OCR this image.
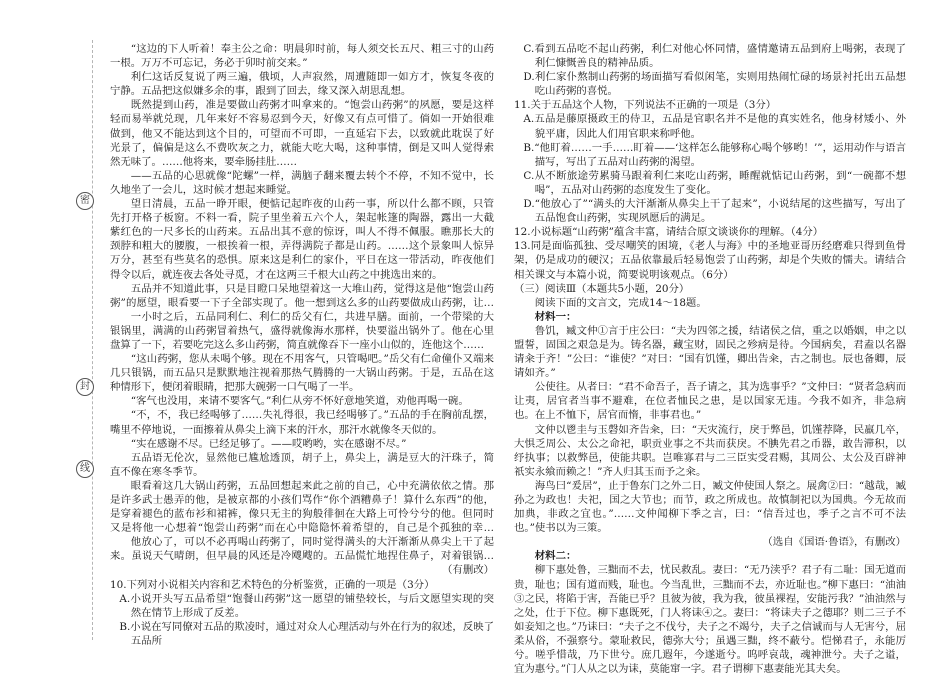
密
封
线

“这边的下人听着！奉主公之命：明晨卯时前，每人须交长五尺、粗三寸的山药一根。万万不可忘记，务必于卯时前交来。”

利仁这话反复说了两三遍，俄顷，人声寂然，周遭随即一如方才，恢复冬夜的宁静。五品把这似嫌多余的事，跟到了回去，缘又深入胡思乱想。

既然提到山药，准是要做山药粥才叫拿来的。“饱尝山药粥”的夙愿，要是这样轻而易举就兑现，几年来好不容易忍到今天，好像又有点可惜了。倘如一开始很难做到，他又不能达到这个目的，可望而不可即，一直延宕下去，以致就此耽误了好光景了，偏偏是这么不费吹灰之力，就能大吃大喝，这种事情，倒是又叫人觉得索然无味了。……他将来，要牵肠挂肚……

——五品的心思就像“陀螺”一样，满脑子翻来覆去转个不停，不知不觉中，长久地坐了一会儿，这时候才想起来睡觉。

望日清晨，五品一睁开眼，便惦记起昨夜的山药一事，所以什么都不顾，只管先打开格子板窗。不料一看，院子里坐着五六个人，架起帐篷的陶器，露出一大截紫红色的一尺多长的山药来。五品出其不意的惊讶，叫人不得不佩服。瞧那长大的颈脖和粗大的腰腹，一根挨着一根，弄得满院子都是山药。……这个景象叫人惊异万分，甚至有些莫名的恐惧。原来这是利仁的家仆，平日在这一带活动，昨夜他们得令以后，就连夜去各处寻觅，才在这两三千根大山药之中挑选出来的。

五品并不知道此事，只是目瞪口呆地望着这一大堆山药，觉得这是他“饱尝山药粥”的愿望，眼看要一下子全部实现了。他一想到这么多的山药要做成山药粥，让他

一小时之后，五品同利仁、利仁的岳父有仁，共进早膳。面前，一个带梁的大银锅里，满满的山药粥冒着热气，盛得就像海水那样，快要溢出锅外了。他在心里盘算了一下，若要吃完这么多山药粥，简直就像吞下一座小山似的，连他这个……

“这山药粥，您从未喝个够。现在不用客气，只管喝吧。”岳父有仁命僮仆又端来几只银锅，而五品只是默默地注视着那热气腾腾的一大锅山药粥。于是，五品在这种情形下，便闭着眼睛，把那大碗粥一口气喝了一半。

“客气也没用，来请不要客气。”利仁从旁不怀好意地笑道，劝他再喝一碗。

“不，不，我已经喝够了……失礼得很，我已经喝够了。”五品的手在胸前乱摆，嘴里不停地说，一面擦着从鼻尖上滴下来的汗水，那汗水就像冬天似的。

“实在感谢不尽。已经足够了。——哎哟哟，实在感谢不尽。”

五品语无伦次，显然他已尴尬透顶，胡子上，鼻尖上，满是豆大的汗珠子，简直不像在寒冬季节。

眼看着这几大锅山药粥，五品回想起来此之前的自己，心中充满依依之情。那是许多武士愚弄的他，是被京都的小孩们骂作“你个酒糟鼻子！算什么东西”的他，是穿着褪色的蓝布衫和裙裤，像只无主的狗般徘徊在大路上可怜兮兮的他。但同时又是将他一心想着“饱尝山药粥”而在心中隐隐怀着希望的，自己是个孤独的幸福

他放心了，可以不必再喝山药粥了，同时觉得满头的大汗渐渐从鼻尖上干了起来。虽说天气晴朗，但早晨的风还是冷飕飕的。五品慌忙地捏住鼻子，对着银锅，

（有删改）

10.下列对小说相关内容和艺术特色的分析鉴赏，正确的一项是（3分）

A.小说开头写五品希望“饱餐山药粥”这一愿望的铺垫较长，与后文愿望实现的突然在情节上形成了反差。

B.小说在写同僚对五品的欺凌时，通过对众人心理活动与外在行为的叙述，反映了五品所

C.看到五品吃不起山药粥，利仁对他心怀同情，盛情邀请五品到府上喝粥，表现了利仁慷慨善良的精神品质。

D.利仁家仆熬制山药粥的场面描写看似闲笔，实则用热闹忙碌的场景衬托出五品想吃山药粥的喜悦。

11.关于五品这个人物，下列说法不正确的一项是（3分）

A.五品是藤原摄政王的侍卫，五品是官职名并不是他的真实姓名，他身材矮小、外貌平庸，因此人们用官职来称呼他。

B.“他盯着……一手……盯着——‘这样怎么能够称心喝个够哟！’”，运用动作与语言描写，写出了五品对山药粥的渴望。

C.从不断旅途劳累骑马跟着利仁来吃山药粥，睡醒就惦记山药粥，到“一碗都不想喝”，五品对山药粥的态度发生了变化。

D.“他放心了”“满头的大汗渐渐从鼻尖上干了起来”，小说结尾的这些描写，写出了五品饱食山药粥，实现夙愿后的满足。

12.小说标题“山药粥”蕴含丰富，请结合原文谈谈你的理解。（4分）

13.同是面临孤独、受尽嘲笑的困境，《老人与海》中的圣地亚哥历经磨难只得到鱼骨架，仍是成功的硬汉；五品依靠最后轻易饱尝了山药粥，却是个失败的懦夫。请结合相关课文与本篇小说，简要说明该观点。（6分）

（三）阅读Ⅲ（本题共5小题，20分）

阅读下面的文言文，完成14～18题。

材料一：

鲁饥，臧文仲①言于庄公曰：“夫为四邻之援，结诸侯之信，重之以婚姻，申之以盟誓，固国之艰急是为。铸名器，藏宝财，固民之殄病是待。今国病矣，君盍以名器请籴于齐！”公曰：“谁使？”对曰：“国有饥馑，卿出告籴，古之制也。辰也备卿，辰请如齐。”

公使往。从者曰：“君不命吾子，吾子请之，其为选事乎？”文仲曰：“贤者急病而让夷，居官者当事不避难，在位者恤民之患，是以国家无违。今我不如齐，非急病也。在上不恤下，居官而惰，非事君也。”

文仲以鬯圭与玉磬如齐告籴，曰：“天灾流行，戾于弊邑，饥馑荐降，民羸几卒，大惧乏周公、太公之命祀，职贡业事之不共而获戾。不腆先君之币器，敢告滞积，以纾执事；以救弊邑，使能共职。岂唯寡君与二三臣实受君赐，其周公、太公及百辟神祇实永飨而赖之！”齐人归其玉而予之籴。

海鸟曰“爰居”，止于鲁东门之外二日，臧文仲使国人祭之。展禽②曰：“越哉，臧孙之为政也！夫祀，国之大节也；而节，政之所成也。故慎制祀以为国典。今无故而加典，非政之宜也。”……文仲闻柳下季之言，曰：“信吾过也，季子之言不可不法也。”使书以为三策。

（选自《国语·鲁语》，有删改）

材料二：

柳下惠处鲁，三黜而不去，忧民救乱。妻曰：“无乃渎乎？君子有二耻：国无道而贵，耻也；国有道而贱，耻也。今当乱世，三黜而不去，亦近耻也。”柳下惠曰：“油油③之民，将陷于害，吾能已乎？且彼为彼，我为我，彼虽裸裎，安能污我？”油油然与之处，仕于下位。柳下惠既死，门人将诔④之。妻曰：“将诔夫子之德耶？则二三子不如妾知之也。”乃诔曰：“夫子之不伐兮，夫子之不竭兮，夫子之信诚而与人无害兮，屈柔从俗，不强察兮。蒙耻救民，德弥大兮；虽遇三黜，终不蔽兮。恺悌君子，永能厉兮。嗟乎惜哉，乃下世兮。庶几遐年，今遂逝兮。呜呼哀哉，魂神泄兮。夫子之谥，宜为惠兮。”门人从之以为诔，莫能窜一字。君子谓柳下惠妻能光其夫矣。
